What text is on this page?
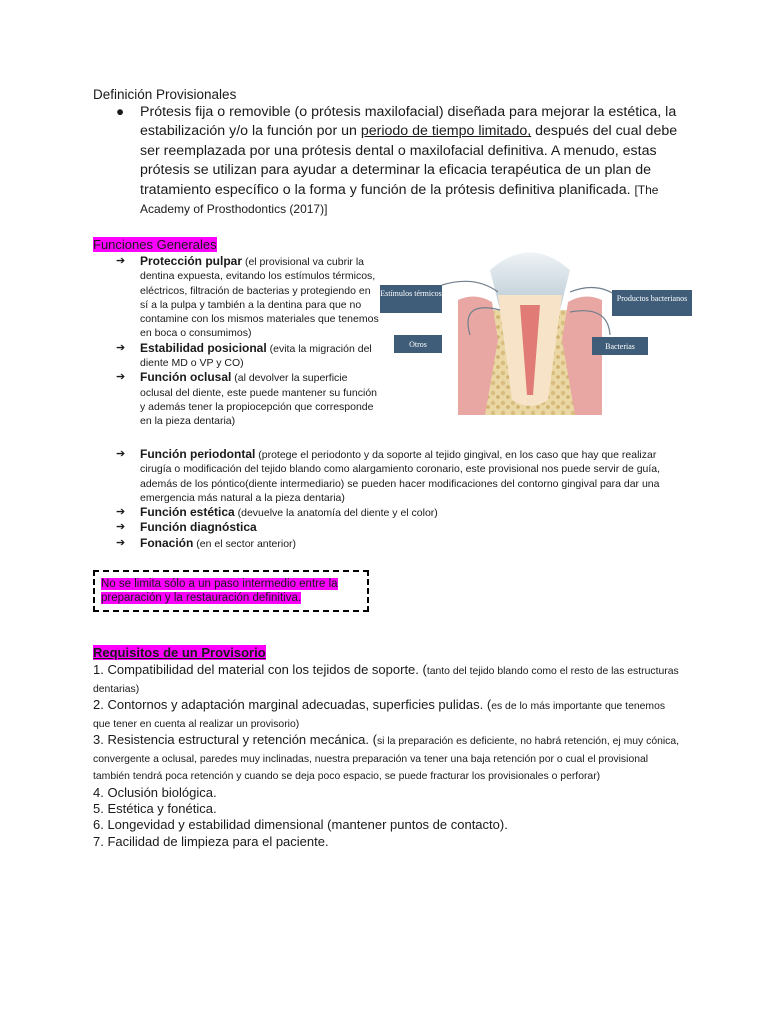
Definición Provisionales
● Prótesis fija o removible (o prótesis maxilofacial) diseñada para mejorar la estética, la estabilización y/o la función por un periodo de tiempo limitado, después del cual debe ser reemplazada por una prótesis dental o maxilofacial definitiva. A menudo, estas prótesis se utilizan para ayudar a determinar la eficacia terapéutica de un plan de tratamiento específico o la forma y función de la prótesis definitiva planificada. [The Academy of Prosthodontics (2017)]
Funciones Generales
➔ Protección pulpar (el provisional va cubrir la dentina expuesta, evitando los estímulos térmicos, eléctricos, filtración de bacterias y protegiendo en sí a la pulpa y también a la dentina para que no contamine con los mismos materiales que tenemos en boca o consumimos)
➔ Estabilidad posicional (evita la migración del diente MD o VP y CO)
➔ Función oclusal (al devolver la superficie oclusal del diente, este puede mantener su función y además tener la propiocepción que corresponde en la pieza dentaria)
➔ Función periodontal (protege el periodonto y da soporte al tejido gingival, en los caso que hay que realizar cirugía o modificación del tejido blando como alargamiento coronario, este provisional nos puede servir de guía, además de los póntico(diente intermediario) se pueden hacer modificaciones del contorno gingival para dar una emergencia más natural a la pieza dentaria)
➔ Función estética (devuelve la anatomía del diente y el color)
➔ Función diagnóstica
➔ Fonación (en el sector anterior)
Estímulos térmicos
Productos bacterianos
Otros	Bacterias
No se limita sólo a un paso intermedio entre la preparación y la restauración definitiva.
Requisitos de un Provisorio
1. Compatibilidad del material con los tejidos de soporte. (tanto del tejido blando como el resto de las estructuras dentarias)
2. Contornos y adaptación marginal adecuadas, superficies pulidas. (es de lo más importante que tenemos que tener en cuenta al realizar un provisorio)
3. Resistencia estructural y retención mecánica. (si la preparación es deficiente, no habrá retención, ej muy cónica, convergente a oclusal, paredes muy inclinadas, nuestra preparación va tener una baja retención por o cual el provisional también tendrá poca retención y cuando se deja poco espacio, se puede fracturar los provisionales o perforar)
4. Oclusión biológica.
5. Estética y fonética.
6. Longevidad y estabilidad dimensional (mantener puntos de contacto).
7. Facilidad de limpieza para el paciente.
